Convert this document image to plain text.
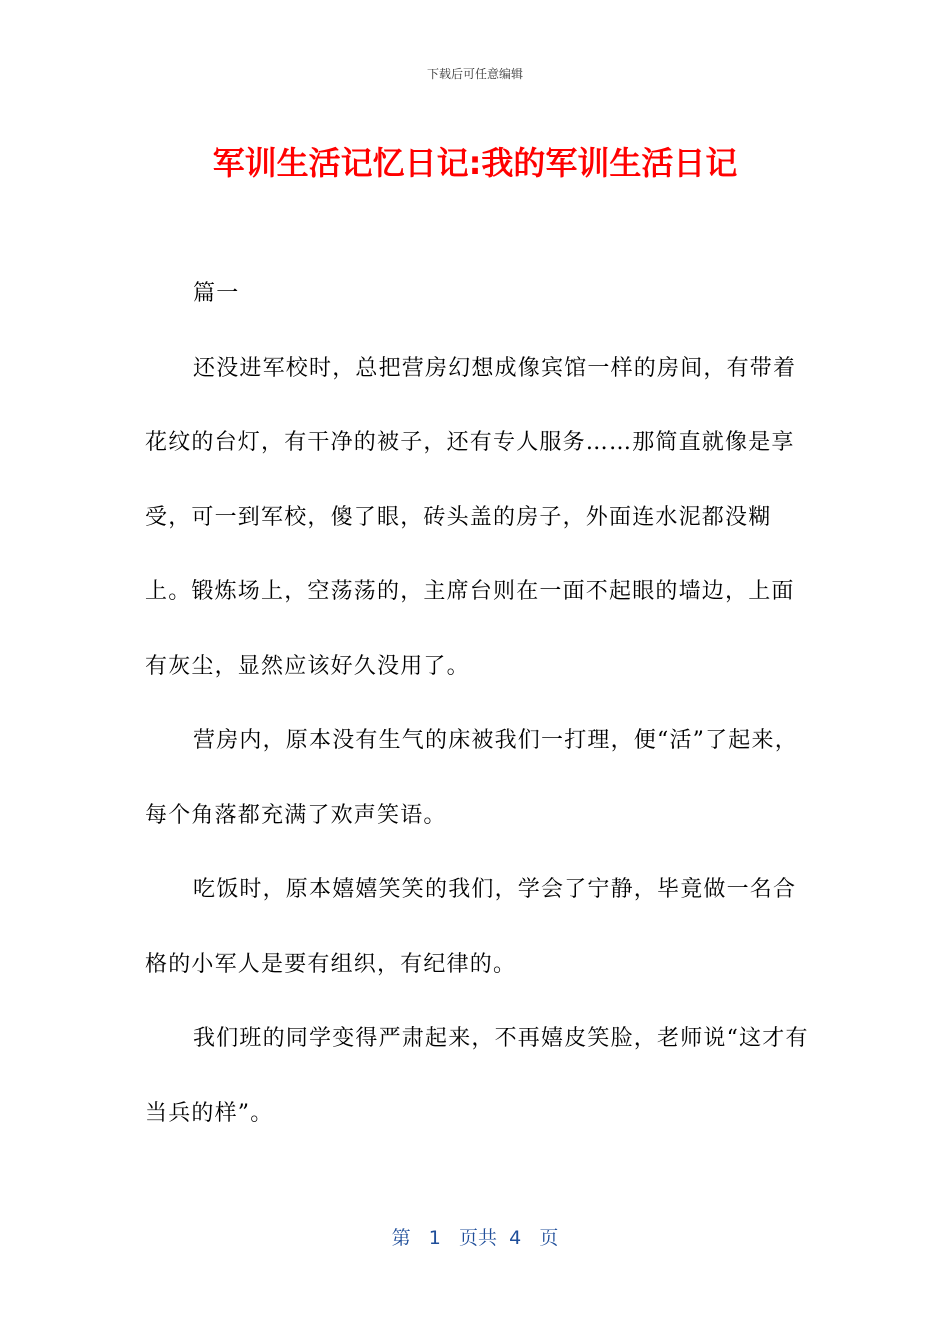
下载后可任意编辑
军训生活记忆日记:我的军训生活日记

篇一

还没进军校时，总把营房幻想成像宾馆一样的房间，有带着花纹的台灯，有干净的被子，还有专人服务……那简直就像是享受，可一到军校，傻了眼，砖头盖的房子，外面连水泥都没糊上。锻炼场上，空荡荡的，主席台则在一面不起眼的墙边，上面有灰尘，显然应该好久没用了。

营房内，原本没有生气的床被我们一打理，便“活”了起来，每个角落都充满了欢声笑语。

吃饭时，原本嬉嬉笑笑的我们，学会了宁静，毕竟做一名合格的小军人是要有组织，有纪律的。

我们班的同学变得严肃起来，不再嬉皮笑脸，老师说“这才有当兵的样”。

第 1 页共 4 页
